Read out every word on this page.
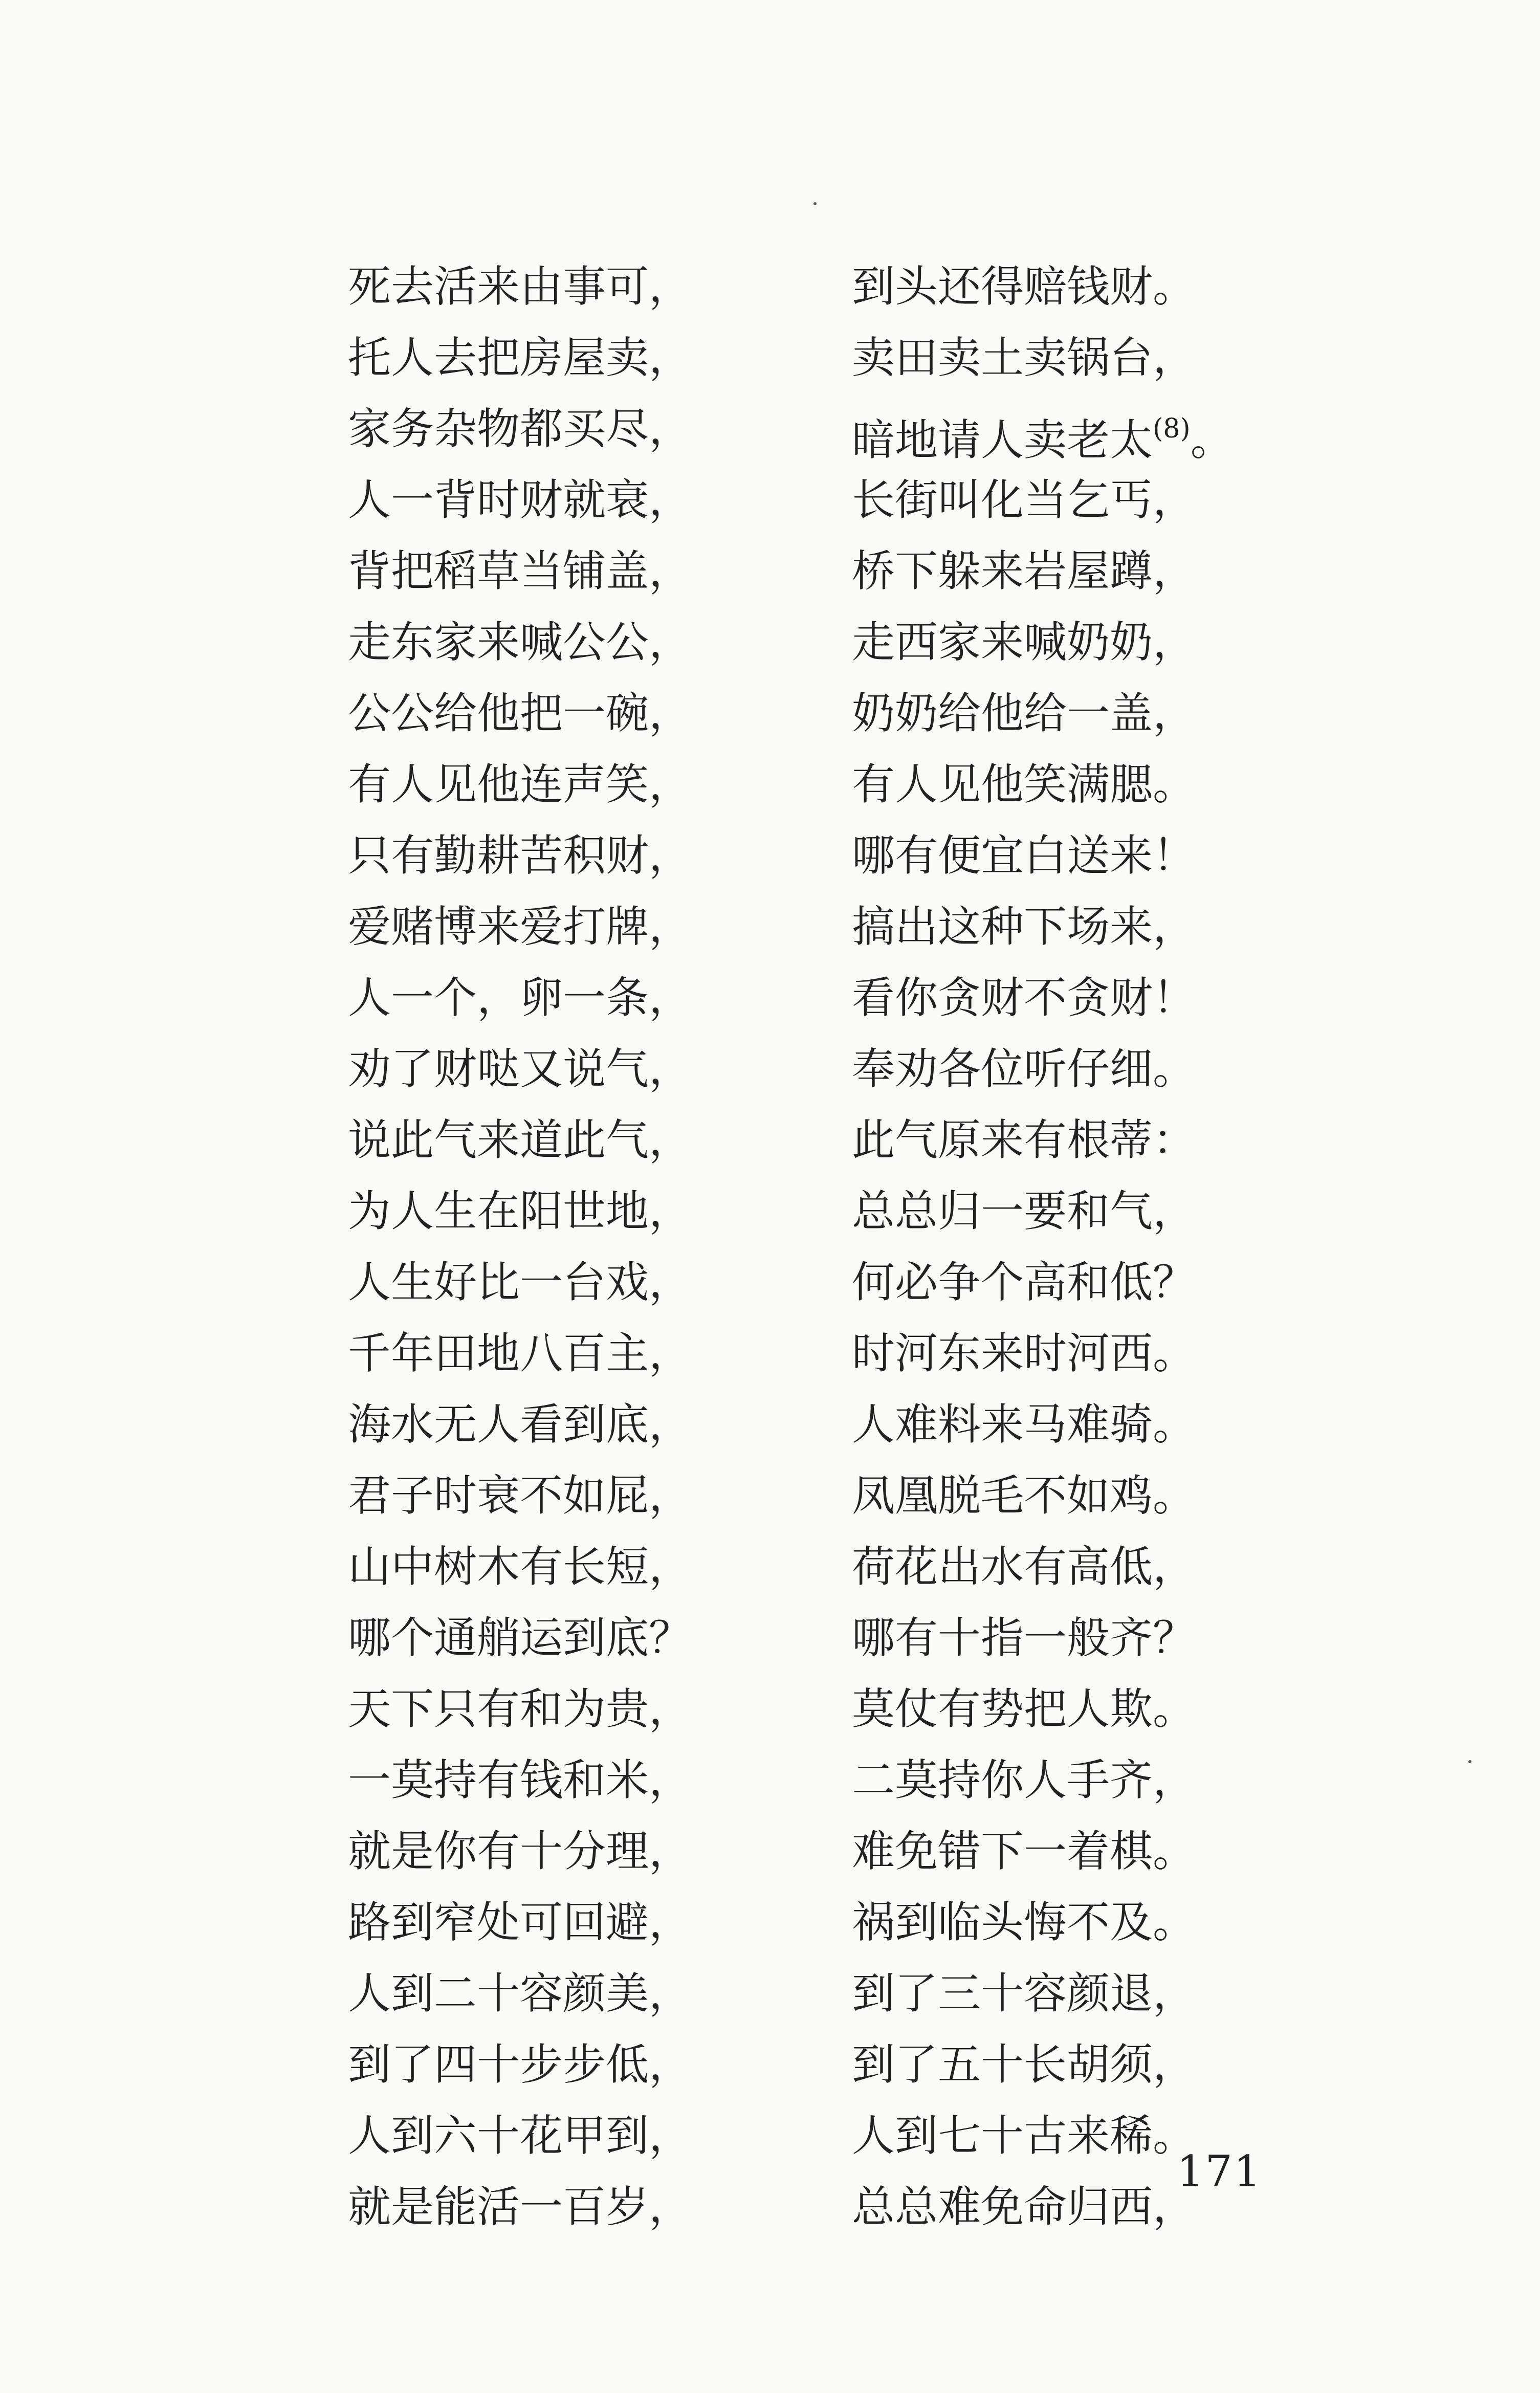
死去活来由事可，	到头还得赔钱财。
托人去把房屋卖，	卖田卖土卖锅台，
家务杂物都买尽，	暗地请人卖老太$^{(8)}$。
人一背时财就衰，	长街叫化当乞丐，
背把稻草当铺盖，	桥下躲来岩屋蹲，
走东家来喊公公，	走西家来喊奶奶，
公公给他把一碗，	奶奶给他给一盖，
有人见他连声笑，	有人见他笑满腮。
只有勤耕苦积财，	哪有便宜白送来！
爱赌博来爱打牌，	搞出这种下场来，
人一个，卵一条，	看你贪财不贪财！
劝了财哒又说气，	奉劝各位听仔细。
说此气来道此气，	此气原来有根蒂：
为人生在阳世地，	总总归一要和气，
人生好比一台戏，	何必争个高和低？
千年田地八百主，	时河东来时河西。
海水无人看到底，	人难料来马难骑。
君子时衰不如屁，	凤凰脱毛不如鸡。
山中树木有长短，	荷花出水有高低，
哪个通艄运到底？	哪有十指一般齐？
天下只有和为贵，	莫仗有势把人欺。
一莫持有钱和米，	二莫持你人手齐，
就是你有十分理，	难免错下一着棋。
路到窄处可回避，	祸到临头悔不及。
人到二十容颜美，	到了三十容颜退，
到了四十步步低，	到了五十长胡须，
人到六十花甲到，	人到七十古来稀。
就是能活一百岁，	总总难免命归西，
171
